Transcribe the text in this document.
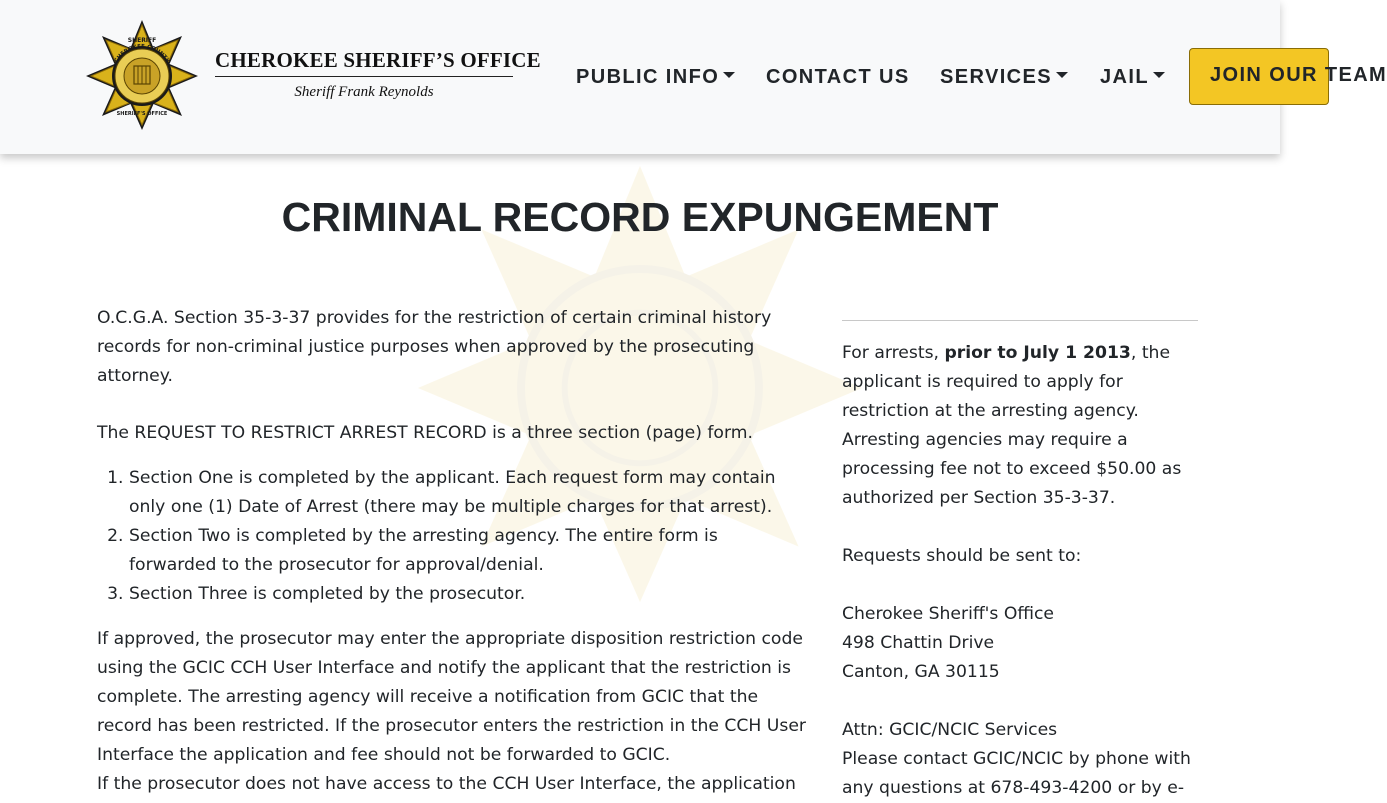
CHEROKEE COUNTY
SHERIFF
SHERIFF'S OFFICE
CHEROKEE SHERIFF’S OFFICE
Sheriff Frank Reynolds
PUBLIC INFO	CONTACT US SERVICES	JAIL	JOIN OUR TEAM
CRIMINAL RECORD EXPUNGEMENT

O.C.G.A. Section 35-3-37 provides for the restriction of certain criminal history records for non-criminal justice purposes when approved by the prosecuting attorney.

The REQUEST TO RESTRICT ARREST RECORD is a three section (page) form.

1. Section One is completed by the applicant. Each request form may contain only one (1) Date of Arrest (there may be multiple charges for that arrest).
2. Section Two is completed by the arresting agency. The entire form is forwarded to the prosecutor for approval/denial.
3. Section Three is completed by the prosecutor.

If approved, the prosecutor may enter the appropriate disposition restriction code using the GCIC CCH User Interface and notify the applicant that the restriction is complete. The arresting agency will receive a notification from GCIC that the record has been restricted. If the prosecutor enters the restriction in the CCH User Interface the application and fee should not be forwarded to GCIC.

If the prosecutor does not have access to the CCH User Interface, the application

For arrests, prior to July 1 2013, the applicant is required to apply for restriction at the arresting agency. Arresting agencies may require a processing fee not to exceed $50.00 as authorized per Section 35-3-37.

Requests should be sent to:

Cherokee Sheriff's Office

498 Chattin Drive

Canton, GA 30115

Attn: GCIC/NCIC Services

Please contact GCIC/NCIC by phone with any questions at 678-493-4200 or by e-
